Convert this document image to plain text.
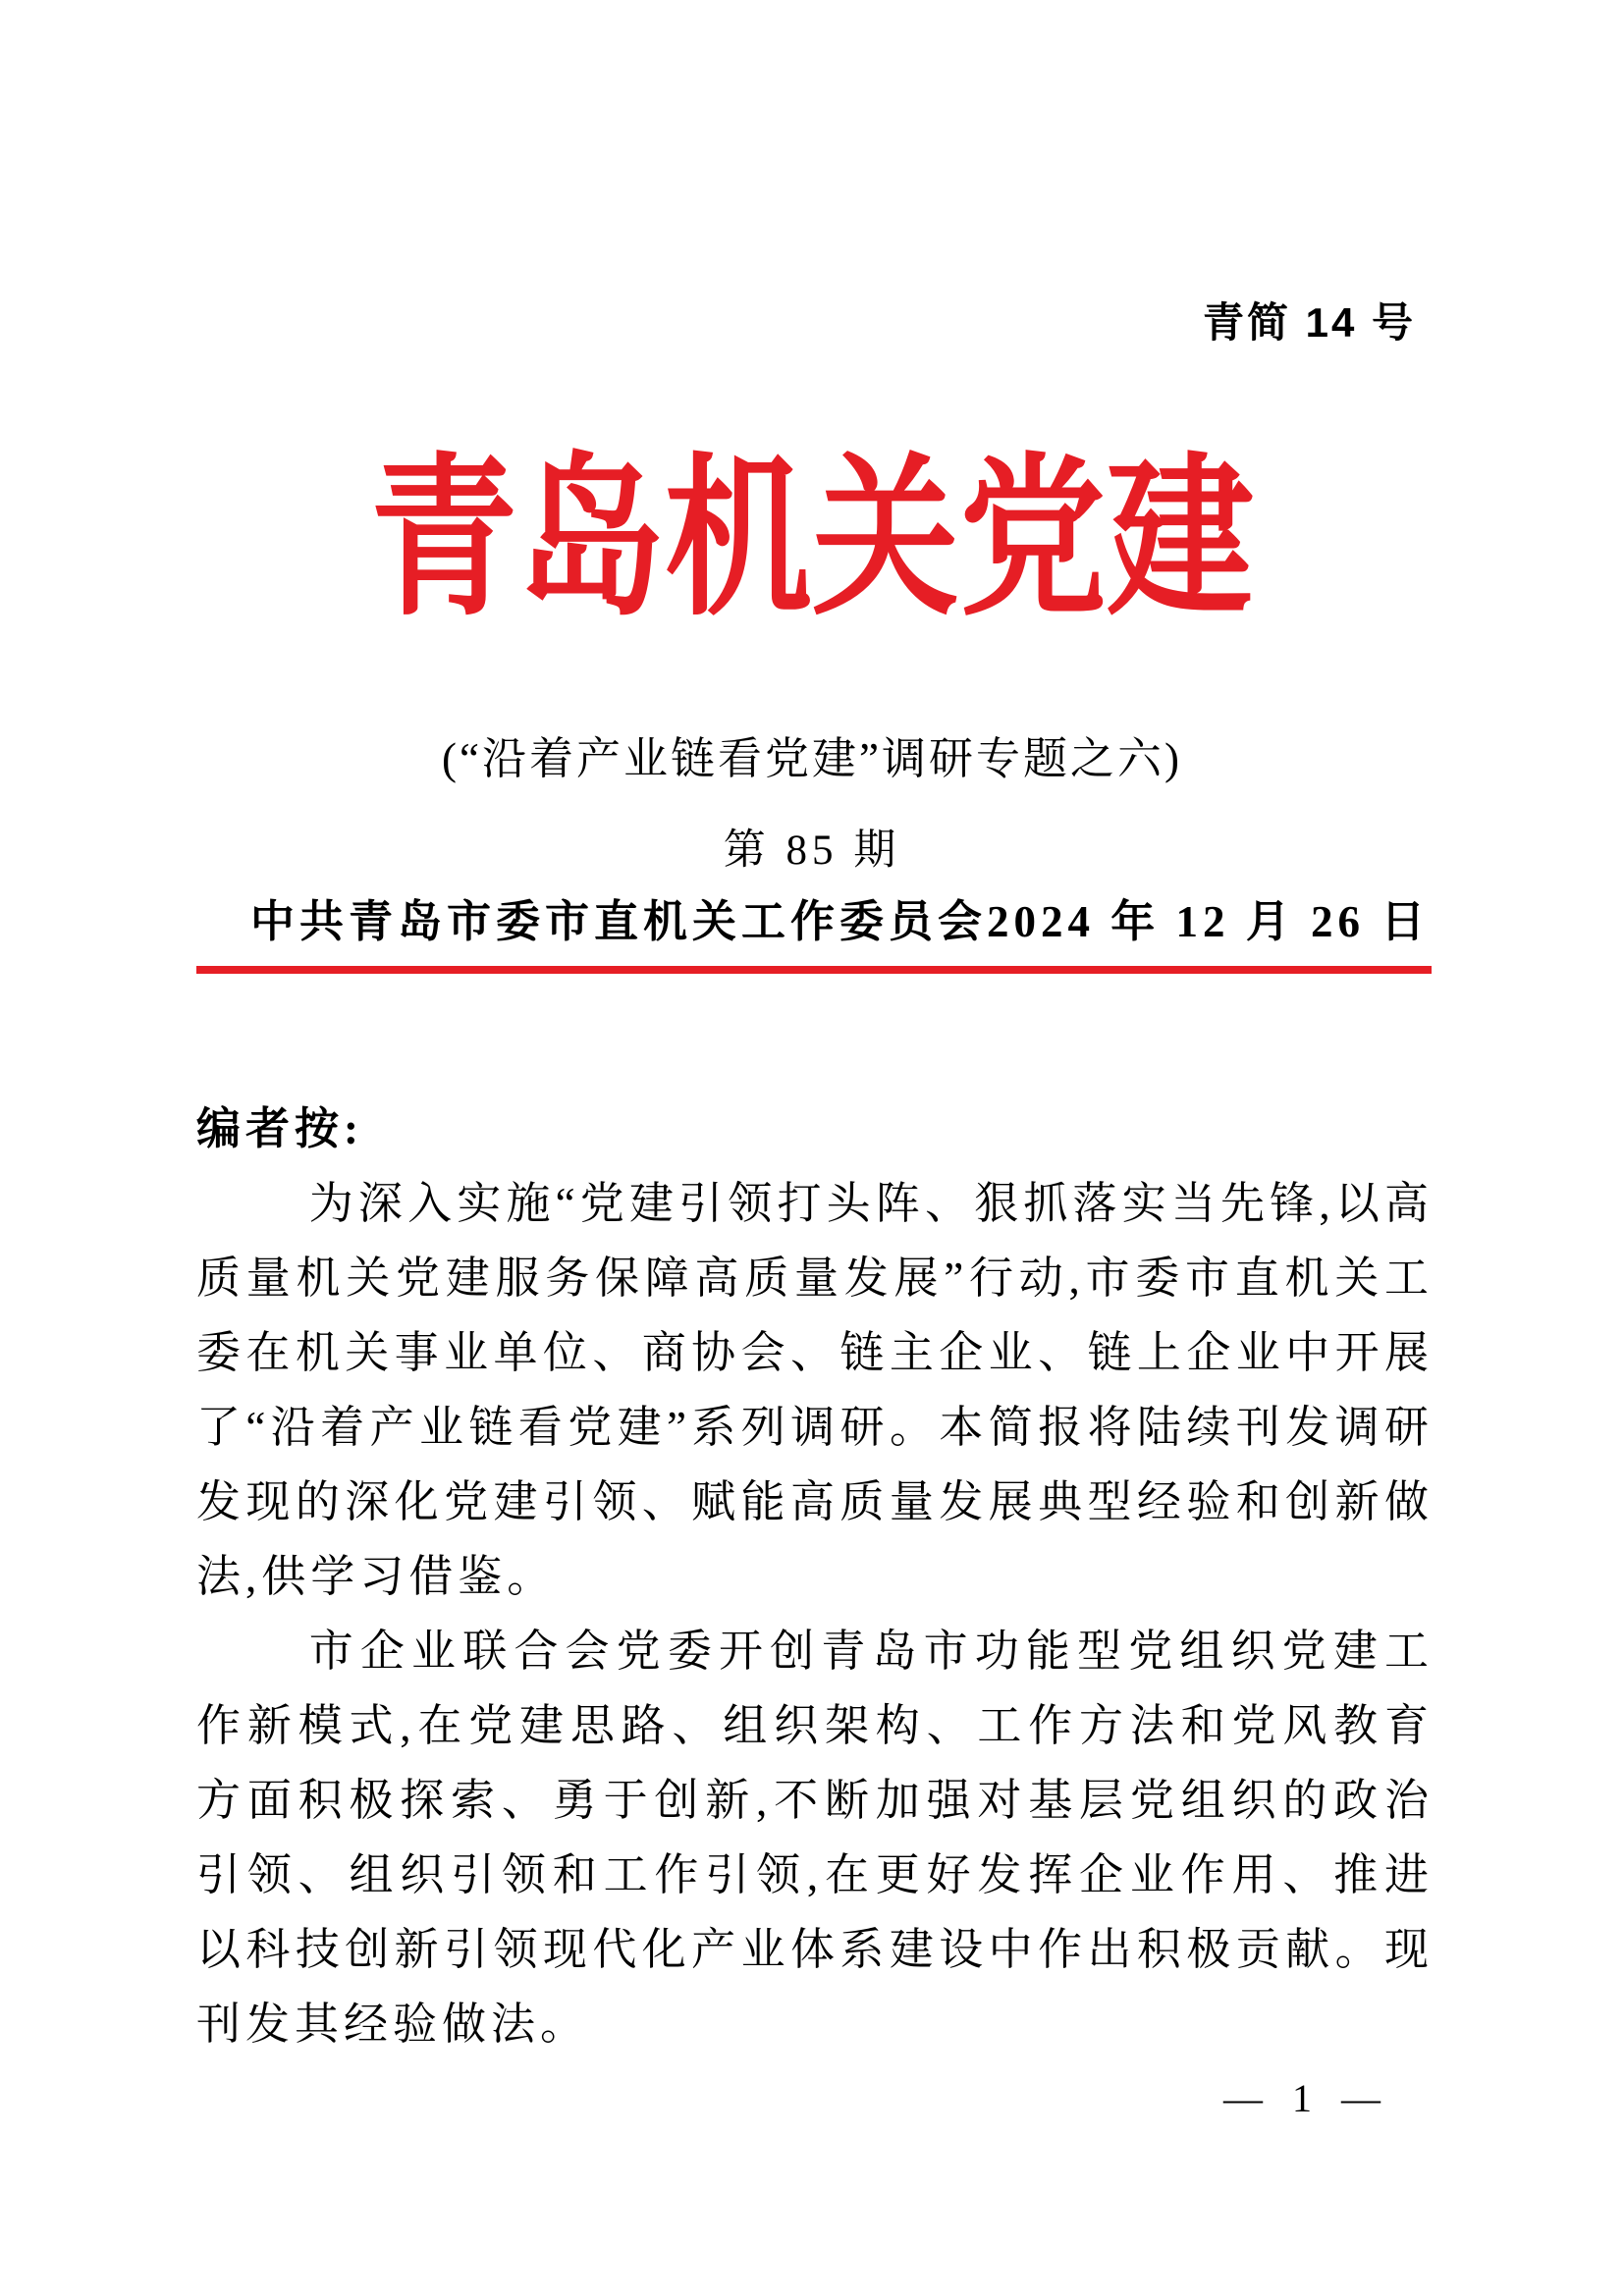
青简 14 号
青岛机关党建
(“沿着产业链看党建”调研专题之六)
第 85 期
中共青岛市委市直机关工作委员会 2024 年 12 月 26 日
编者按:

为深入实施“党建引领打头阵、狠抓落实当先锋,以高质量机关党建服务保障高质量发展”行动,市委市直机关工委在机关事业单位、商协会、链主企业、链上企业中开展了“沿着产业链看党建”系列调研。本简报将陆续刊发调研发现的深化党建引领、赋能高质量发展典型经验和创新做法,供学习借鉴。

市企业联合会党委开创青岛市功能型党组织党建工作新模式,在党建思路、组织架构、工作方法和党风教育方面积极探索、勇于创新,不断加强对基层党组织的政治引领、组织引领和工作引领,在更好发挥企业作用、推进以科技创新引领现代化产业体系建设中作出积极贡献。现刊发其经验做法。

— 1 —
